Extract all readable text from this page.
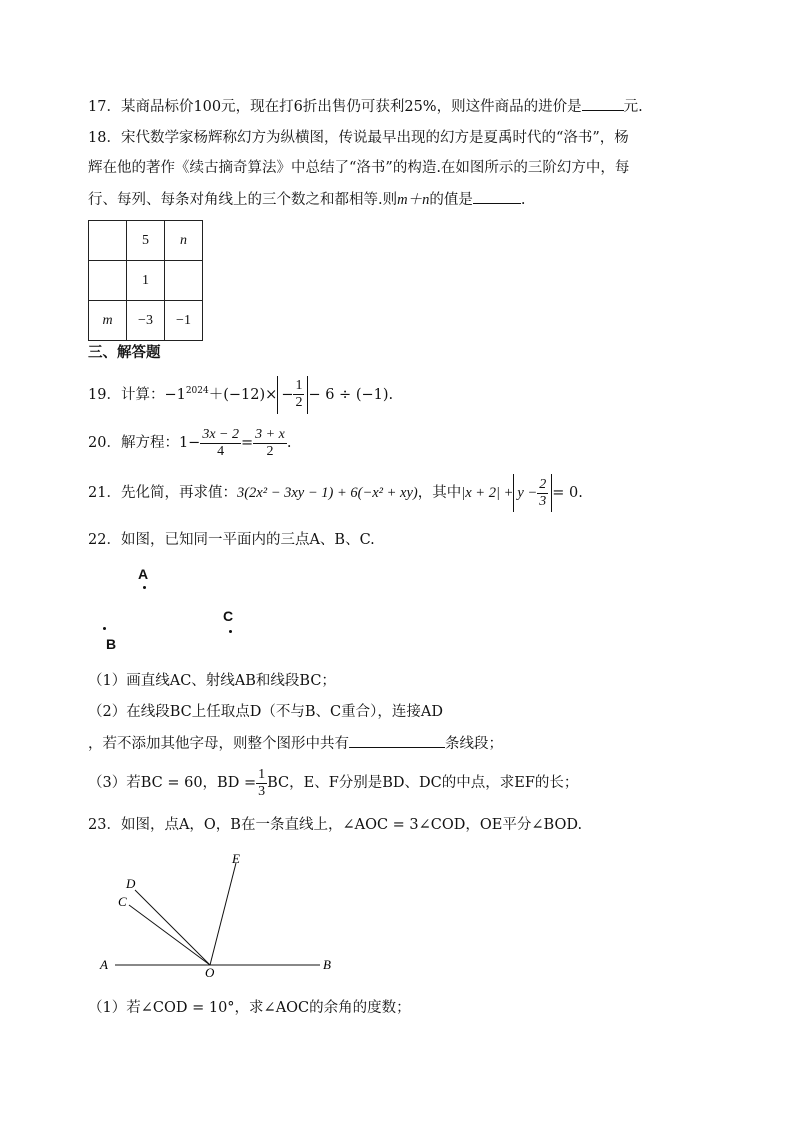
17．某商品标价100元，现在打6折出售仍可获利25%，则这件商品的进价是	元.
18．宋代数学家杨辉称幻方为纵横图，传说最早出现的幻方是夏禹时代的“洛书”，杨
辉在他的著作《续古摘奇算法》中总结了“洛书”的构造.在如图所示的三阶幻方中，每
行、每列、每条对角线上的三个数之和都相等.则m＋n的值是	.
	5	n
	1	
m	−3	−1
三、解答题
19．计算：$-1^{2024}+(-12)\times - \frac{1}{2} - 6 \div (-1)$.
20．解方程：$1- \frac{3x - 2}{4} = \frac{3 + x}{2}$ .
21．先化简，再求值：3(2x² − 3xy − 1) + 6(−x² + xy)，其中$|x + 2| + y - \frac{2}{3} = 0$.
22．如图，已知同一平面内的三点A、B、C.
A
B
C
（1）画直线AC、射线AB和线段BC；
（2）在线段BC上任取点D（不与B、C重合），连接AD
，若不添加其他字母，则整个图形中共有	条线段；
（3）若BC = 60，BD = $\frac{1}{3}$ BC，E、F分别是BD、DC的中点，求EF的长；
23．如图，点A，O，B在一条直线上，∠AOC = 3∠COD，OE平分∠BOD.
A
O
B
C
D
E
（1）若∠COD = 10°，求∠AOC的余角的度数；
